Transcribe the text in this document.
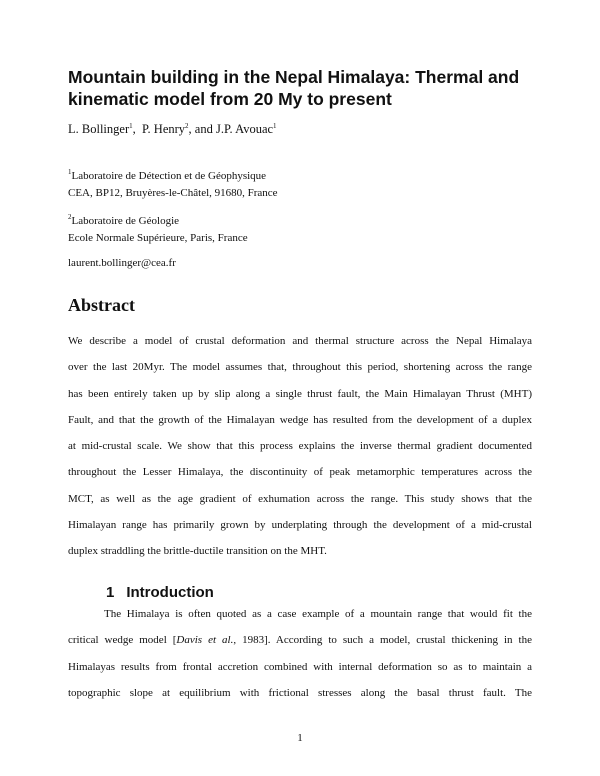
Mountain building in the Nepal Himalaya: Thermal and
kinematic model from 20 My to present
L. Bollinger$^1$,  P. Henry$^2$, and J.P. Avouac$^1$
$^1$Laboratoire de Détection et de Géophysique
CEA, BP12, Bruyères-le-Châtel, 91680, France
$^2$Laboratoire de Géologie
Ecole Normale Supérieure, Paris, France
laurent.bollinger@cea.fr
Abstract
We describe a model of crustal deformation and thermal structure across the Nepal Himalaya
over the last 20Myr. The model assumes that, throughout this period, shortening across the range
has been entirely taken up by slip along a single thrust fault, the Main Himalayan Thrust (MHT)
Fault, and that the growth of the Himalayan wedge has resulted from the development of a duplex
at mid-crustal scale. We show that this process explains the inverse thermal gradient documented
throughout the Lesser Himalaya, the discontinuity of peak metamorphic temperatures across the
MCT, as well as the age gradient of exhumation across the range. This study shows that the
Himalayan range has primarily grown by underplating through the development of a mid-crustal
duplex straddling the brittle-ductile transition on the MHT.
1 Introduction
The Himalaya is often quoted as a case example of a mountain range that would fit the
critical wedge model [Davis et al., 1983]. According to such a model, crustal thickening in the
Himalayas results from frontal accretion combined with internal deformation so as to maintain a
topographic slope at equilibrium with frictional stresses along the basal thrust fault. The
1
